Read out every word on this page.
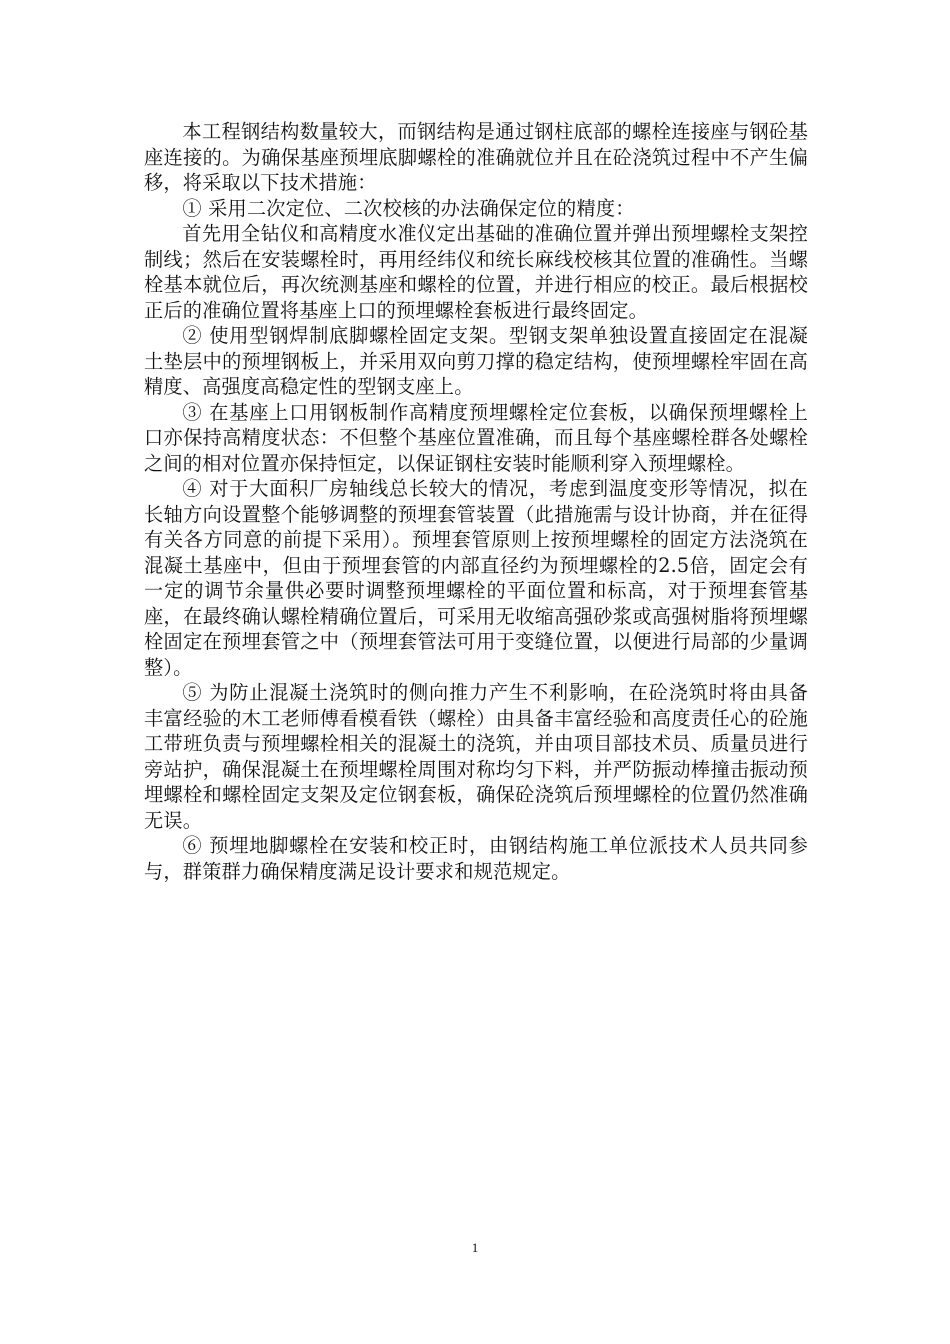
本工程钢结构数量较大，而钢结构是通过钢柱底部的螺栓连接座与钢砼基座连接的。为确保基座预埋底脚螺栓的准确就位并且在砼浇筑过程中不产生偏移，将采取以下技术措施：

① 采用二次定位、二次校核的办法确保定位的精度：

首先用全钻仪和高精度水准仪定出基础的准确位置并弹出预埋螺栓支架控制线；然后在安装螺栓时，再用经纬仪和统长麻线校核其位置的准确性。当螺栓基本就位后，再次统测基座和螺栓的位置，并进行相应的校正。最后根据校正后的准确位置将基座上口的预埋螺栓套板进行最终固定。

② 使用型钢焊制底脚螺栓固定支架。型钢支架单独设置直接固定在混凝土垫层中的预埋钢板上，并采用双向剪刀撑的稳定结构，使预埋螺栓牢固在高精度、高强度高稳定性的型钢支座上。

③ 在基座上口用钢板制作高精度预埋螺栓定位套板，以确保预埋螺栓上口亦保持高精度状态：不但整个基座位置准确，而且每个基座螺栓群各处螺栓之间的相对位置亦保持恒定，以保证钢柱安装时能顺利穿入预埋螺栓。

④ 对于大面积厂房轴线总长较大的情况，考虑到温度变形等情况，拟在长轴方向设置整个能够调整的预埋套管装置（此措施需与设计协商，并在征得有关各方同意的前提下采用）。预埋套管原则上按预埋螺栓的固定方法浇筑在混凝土基座中，但由于预埋套管的内部直径约为预埋螺栓的2.5倍，固定会有一定的调节余量供必要时调整预埋螺栓的平面位置和标高，对于预埋套管基座，在最终确认螺栓精确位置后，可采用无收缩高强砂浆或高强树脂将预埋螺栓固定在预埋套管之中（预埋套管法可用于变缝位置，以便进行局部的少量调整）。

⑤ 为防止混凝土浇筑时的侧向推力产生不利影响，在砼浇筑时将由具备丰富经验的木工老师傅看模看铁（螺栓）由具备丰富经验和高度责任心的砼施工带班负责与预埋螺栓相关的混凝土的浇筑，并由项目部技术员、质量员进行旁站护，确保混凝土在预埋螺栓周围对称均匀下料，并严防振动棒撞击振动预埋螺栓和螺栓固定支架及定位钢套板，确保砼浇筑后预埋螺栓的位置仍然准确无误。

⑥ 预埋地脚螺栓在安装和校正时，由钢结构施工单位派技术人员共同参与，群策群力确保精度满足设计要求和规范规定。

1
